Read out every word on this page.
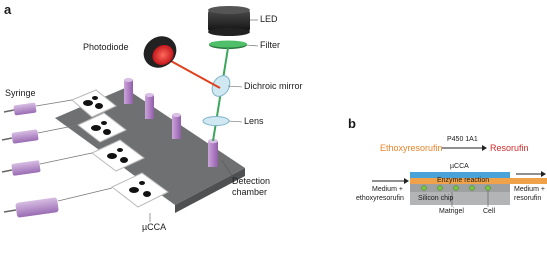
a
LED
Filter
Photodiode
Dichroic mirror
Lens
Syringe
Detection
chamber
µCCA
b
P450 1A1
Ethoxyresorufin	Resorufin
µCCA
Enzyme reaction
Silicon chip
Matrigel	Cell
Medium +
ethoxyresorufin
Medium +
resorufin
